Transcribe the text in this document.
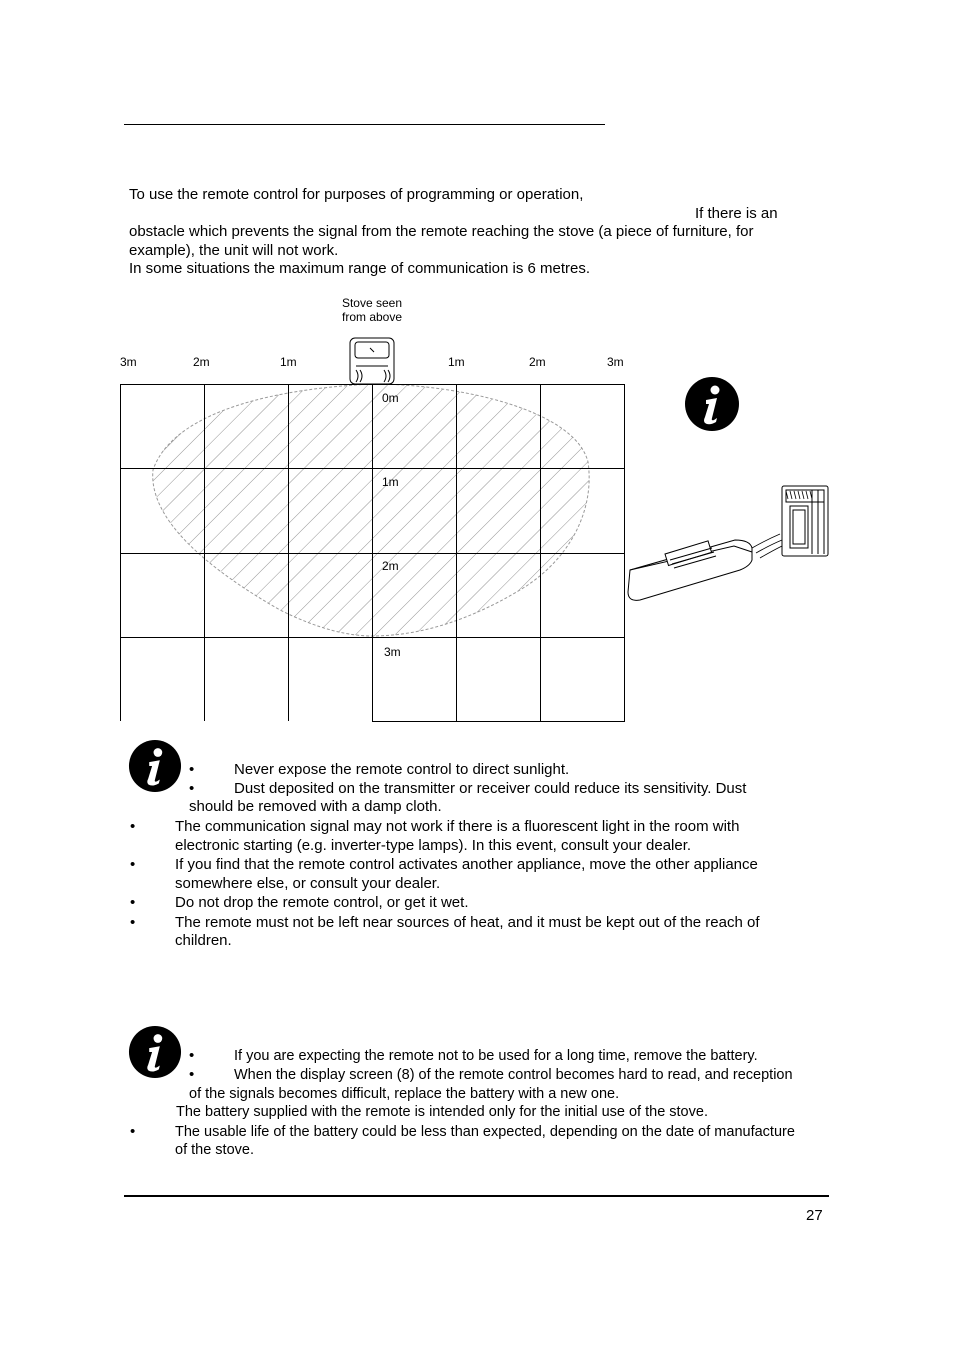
To use the remote control for purposes of programming or operation,
If there is an
obstacle which prevents the signal from the remote reaching the stove (a piece of furniture, for
example), the unit will not work.
In some situations the maximum range of communication is 6 metres.
Stove seen
from above
3m	2m	1m	1m	2m	3m
0m
1m
2m
3m
•	Never expose the remote control to direct sunlight.
•	Dust deposited on the transmitter or receiver could reduce its sensitivity. Dust
should be removed with a damp cloth.
•	The communication signal may not work if there is a fluorescent light in the room with
electronic starting (e.g. inverter-type lamps). In this event, consult your dealer.
•	If you find that the remote control activates another appliance, move the other appliance
somewhere else, or consult your dealer.
•	Do not drop the remote control, or get it wet.
•	The remote must not be left near sources of heat, and it must be kept out of the reach of
children.
•	If you are expecting the remote not to be used for a long time, remove the battery.
•	When the display screen (8) of the remote control becomes hard to read, and reception
of the signals becomes difficult, replace the battery with a new one.
The battery supplied with the remote is intended only for the initial use of the stove.
•	The usable life of the battery could be less than expected, depending on the date of manufacture
of the stove.
27
